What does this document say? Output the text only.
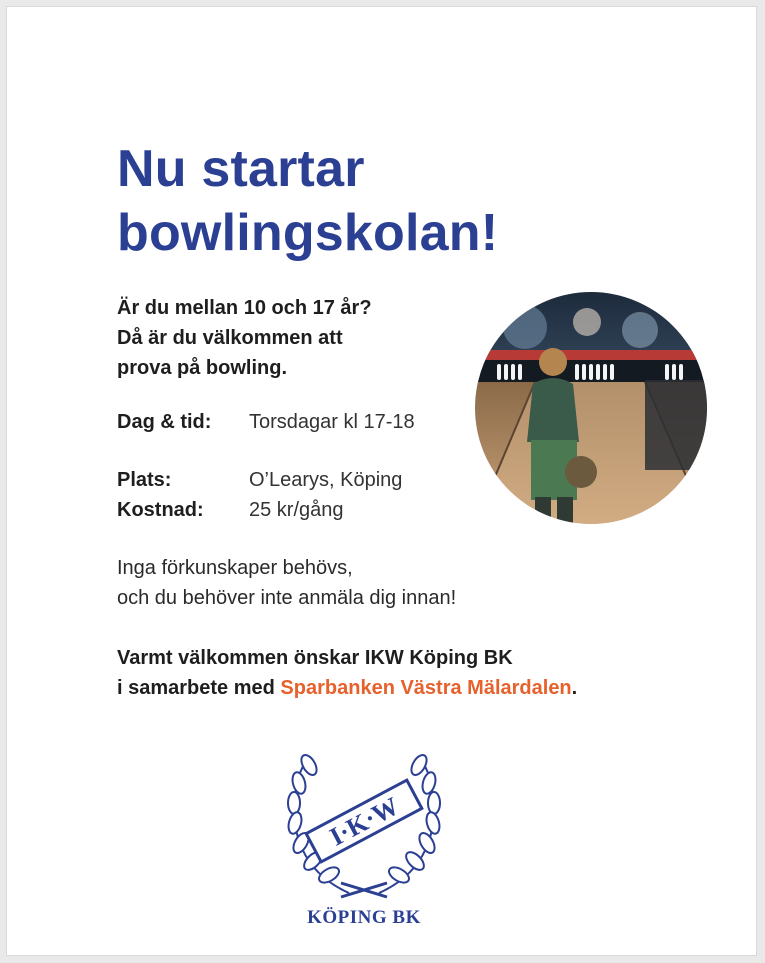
Nu startar
bowlingskolan!

Är du mellan 10 och 17 år?
Då är du välkommen att
prova på bowling.

Dag & tid:	Torsdagar kl 17-18
Plats:	O’Learys, Köping
Kostnad:	25 kr/gång
Inga förkunskaper behövs,
och du behöver inte anmäla dig innan!
Varmt välkommen önskar IKW Köping BK
i samarbete med Sparbanken Västra Mälardalen.
I·K·W
KÖPING BK
